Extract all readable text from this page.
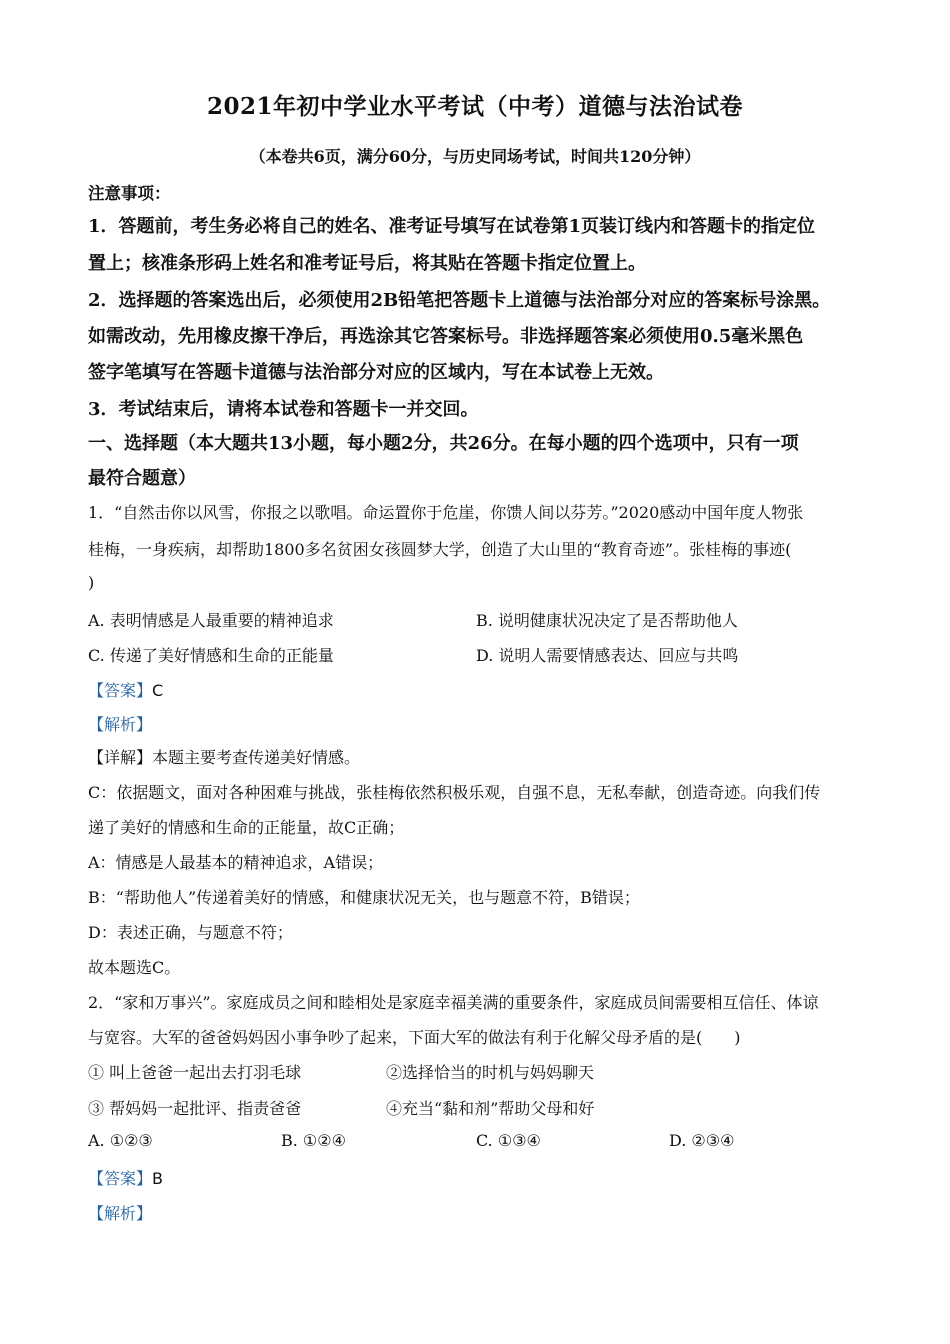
2021年初中学业水平考试（中考）道德与法治试卷
（本卷共6页，满分60分，与历史同场考试，时间共120分钟）
注意事项：
1．答题前，考生务必将自己的姓名、准考证号填写在试卷第1页装订线内和答题卡的指定位
置上；核准条形码上姓名和准考证号后，将其贴在答题卡指定位置上。
2．选择题的答案选出后，必须使用2B铅笔把答题卡上道德与法治部分对应的答案标号涂黑。
如需改动，先用橡皮擦干净后，再选涂其它答案标号。非选择题答案必须使用0.5毫米黑色
签字笔填写在答题卡道德与法治部分对应的区域内，写在本试卷上无效。
3．考试结束后，请将本试卷和答题卡一并交回。
一、选择题（本大题共13小题，每小题2分，共26分。在每小题的四个选项中，只有一项
最符合题意）
1．“自然击你以风雪，你报之以歌唱。命运置你于危崖，你馈人间以芬芳。”2020感动中国年度人物张
桂梅，一身疾病，却帮助1800多名贫困女孩圆梦大学，创造了大山里的“教育奇迹”。张桂梅的事迹(
)
A. 表明情感是人最重要的精神追求	B. 说明健康状况决定了是否帮助他人
C. 传递了美好情感和生命的正能量	D. 说明人需要情感表达、回应与共鸣
【答案】C
【解析】
【详解】本题主要考查传递美好情感。
C：依据题文，面对各种困难与挑战，张桂梅依然积极乐观，自强不息，无私奉献，创造奇迹。向我们传
递了美好的情感和生命的正能量，故C正确；
A：情感是人最基本的精神追求，A错误；
B：“帮助他人”传递着美好的情感，和健康状况无关，也与题意不符，B错误；
D：表述正确，与题意不符；
故本题选C。
2．“家和万事兴”。家庭成员之间和睦相处是家庭幸福美满的重要条件，家庭成员间需要相互信任、体谅
与宽容。大军的爸爸妈妈因小事争吵了起来，下面大军的做法有利于化解父母矛盾的是(　　)
① 叫上爸爸一起出去打羽毛球	②选择恰当的时机与妈妈聊天
③ 帮妈妈一起批评、指责爸爸	④充当“黏和剂”帮助父母和好
A. ①②③	B. ①②④	C. ①③④	D. ②③④
【答案】B
【解析】
